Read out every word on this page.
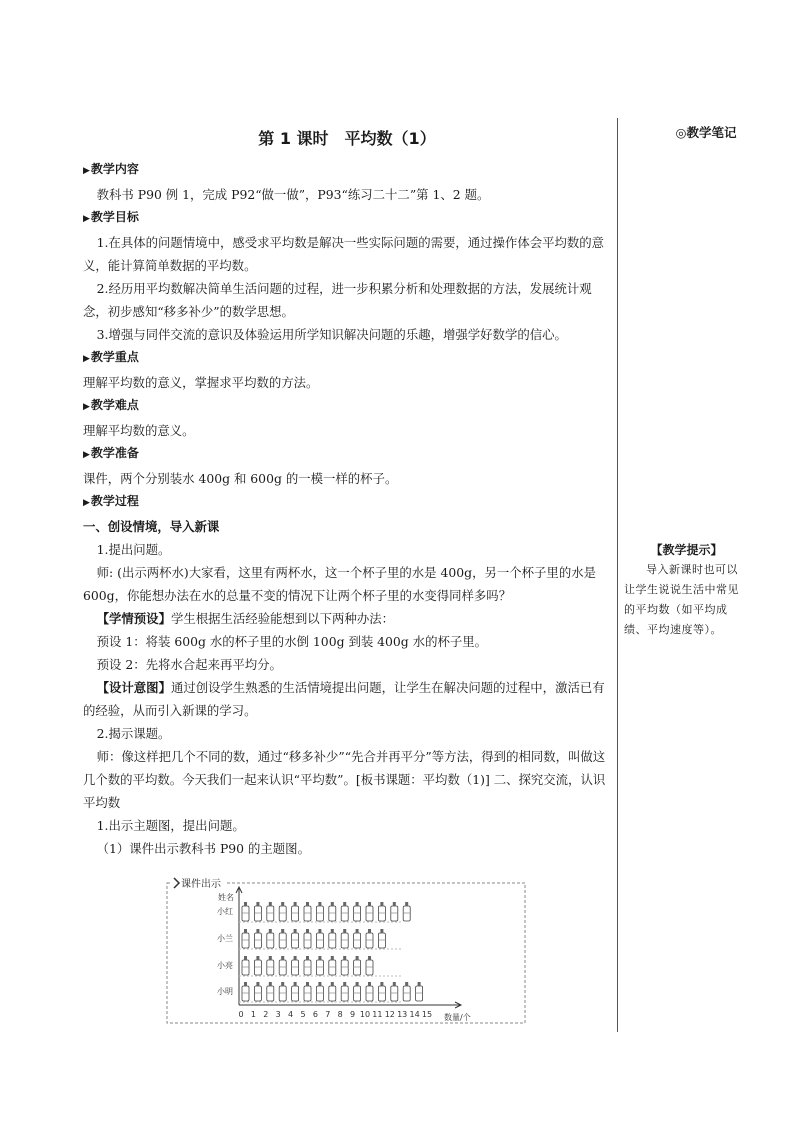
◎教学笔记
【教学提示】
导入新课时也可以让学生说说生活中常见的平均数（如平均成绩、平均速度等）。
第 1 课时　平均数（1）

▶教学内容

教科书 P90 例 1，完成 P92“做一做”，P93“练习二十二”第 1、2 题。

▶教学目标

1.在具体的问题情境中，感受求平均数是解决一些实际问题的需要，通过操作体会平均数的意义，能计算简单数据的平均数。

2.经历用平均数解决简单生活问题的过程，进一步积累分析和处理数据的方法，发展统计观念，初步感知“移多补少”的数学思想。

3.增强与同伴交流的意识及体验运用所学知识解决问题的乐趣，增强学好数学的信心。

▶教学重点

理解平均数的意义，掌握求平均数的方法。

▶教学难点

理解平均数的意义。

▶教学准备

课件，两个分别装水 400g 和 600g 的一模一样的杯子。

▶教学过程

一、创设情境，导入新课

1.提出问题。

师: (出示两杯水)大家看，这里有两杯水，这一个杯子里的水是 400g，另一个杯子里的水是 600g，你能想办法在水的总量不变的情况下让两个杯子里的水变得同样多吗？

【学情预设】学生根据生活经验能想到以下两种办法：

预设 1：将装 600g 水的杯子里的水倒 100g 到装 400g 水的杯子里。

预设 2：先将水合起来再平均分。

【设计意图】通过创设学生熟悉的生活情境提出问题，让学生在解决问题的过程中，激活已有的经验，从而引入新课的学习。

2.揭示课题。

师：像这样把几个不同的数，通过“移多补少”“先合并再平分”等方法，得到的相同数，叫做这几个数的平均数。今天我们一起来认识“平均数”。[板书课题：平均数（1)] 二、探究交流，认识平均数

1.出示主题图，提出问题。

（1）课件出示教科书 P90 的主题图。

课件出示
姓名
数量/个
0 1 2 3 4 5 6 7 8 9 10 11 12 13 14 15
小红
小兰
小亮
小明
